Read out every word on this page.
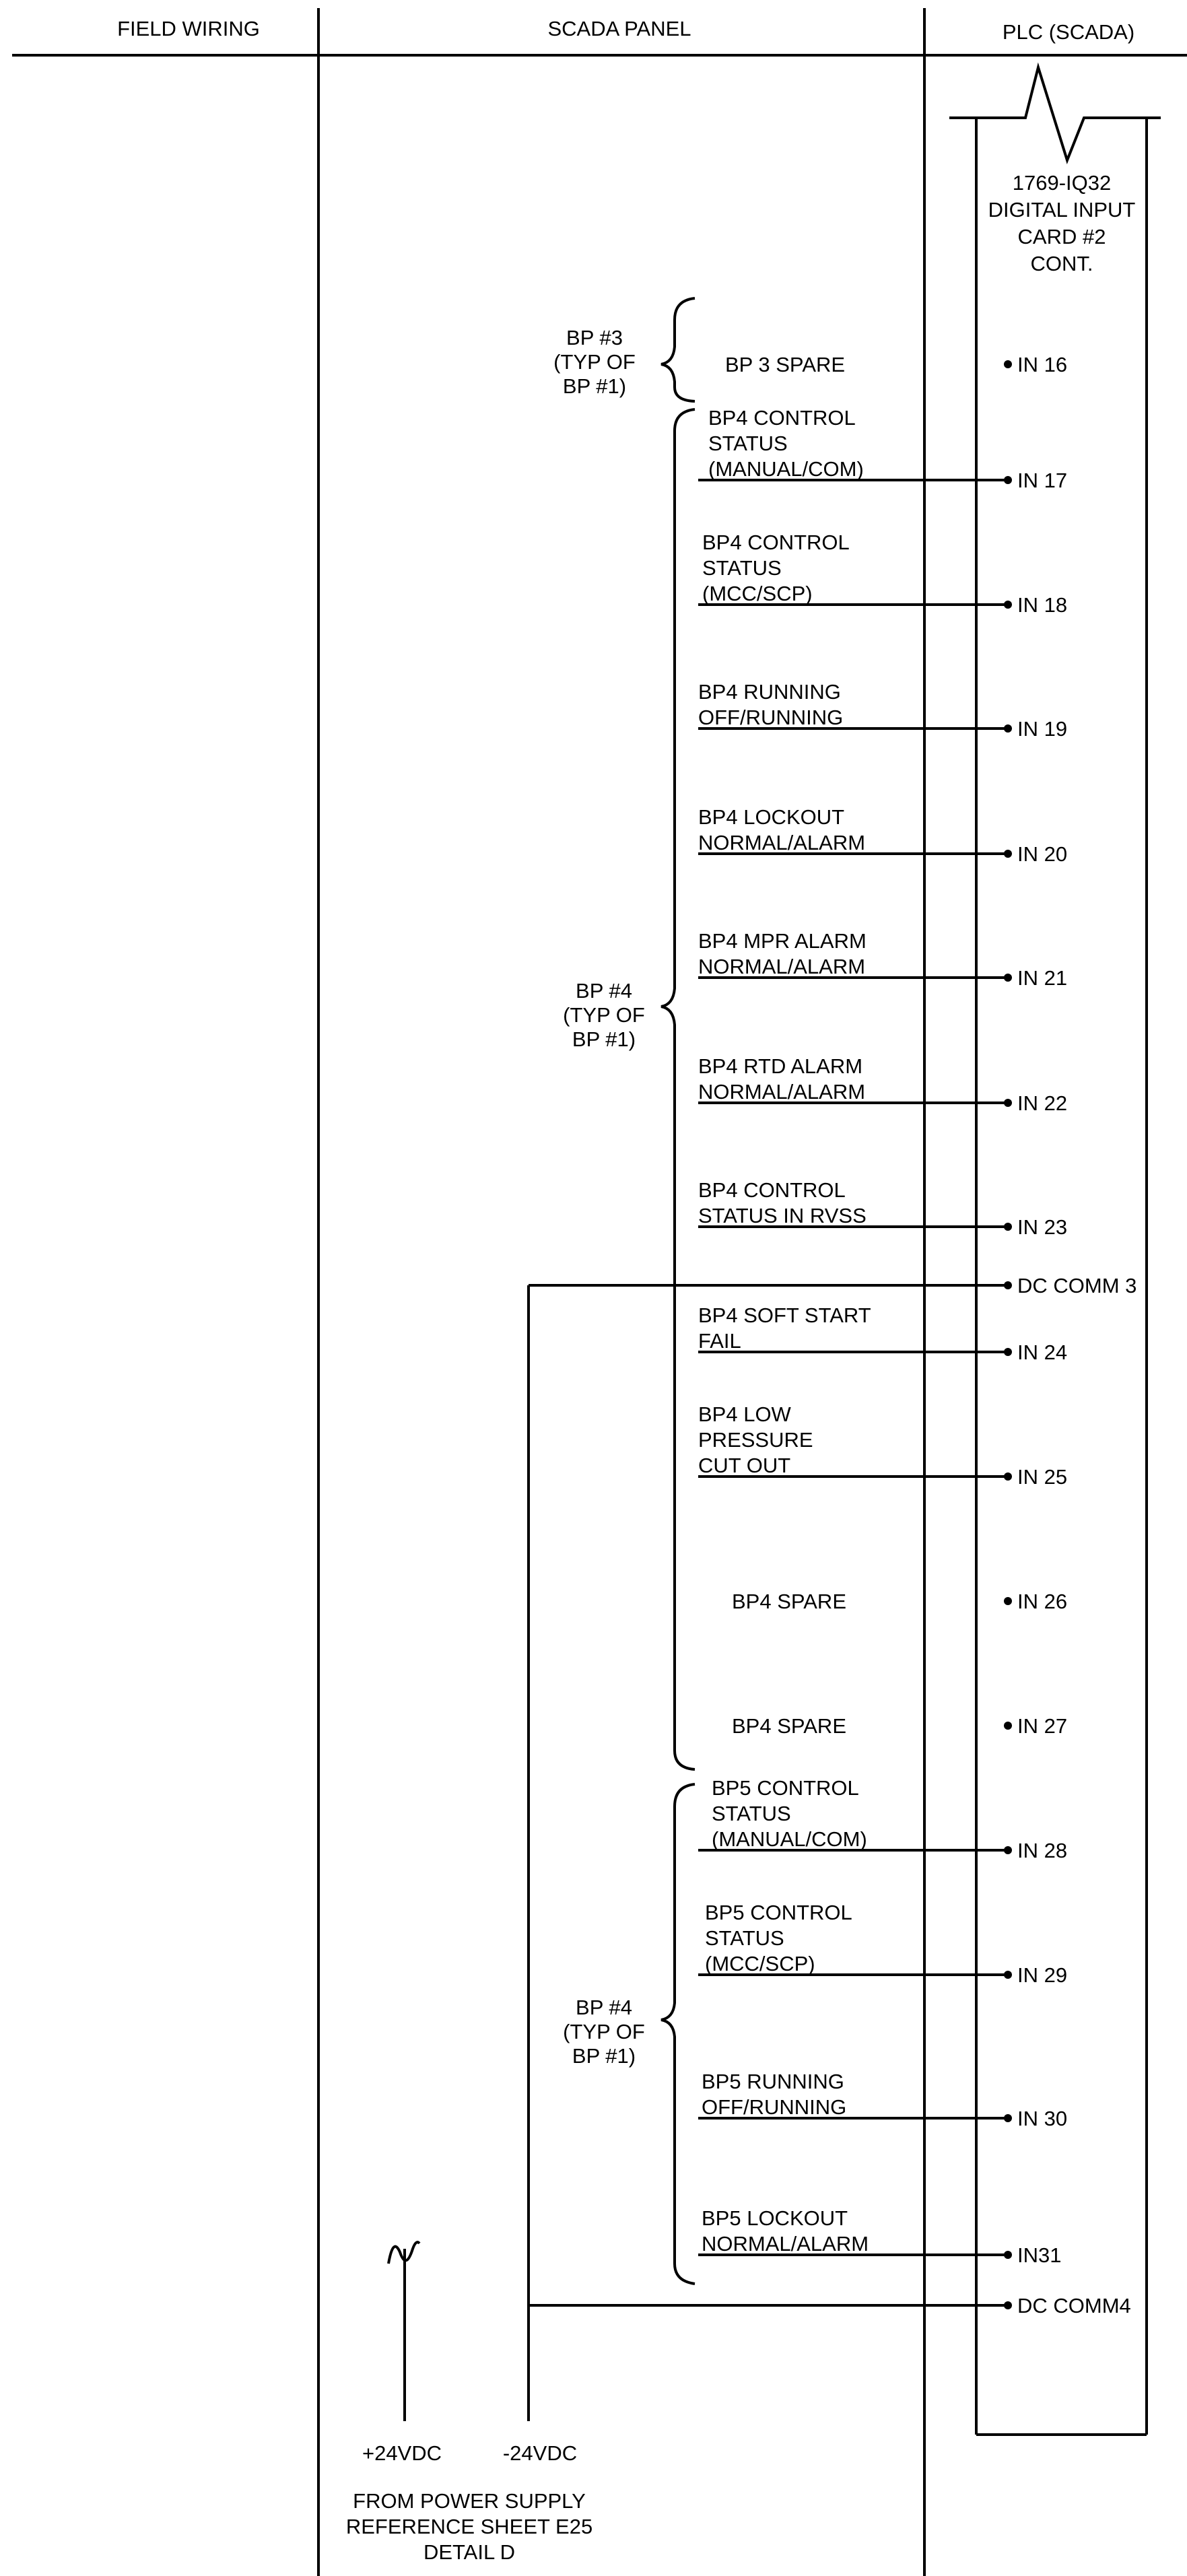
FIELD WIRING	SCADA PANEL	PLC (SCADA)
1769-IQ32
DIGITAL INPUT
CARD #2
CONT.
BP #3
(TYP OF
BP #1)
BP #4
(TYP OF
BP #1)
BP #4
(TYP OF
BP #1)
IN 16
BP 3 SPARE
IN 17
BP4 CONTROL
STATUS
(MANUAL/COM)
IN 18
BP4 CONTROL
STATUS
(MCC/SCP)
IN 19
BP4 RUNNING
OFF/RUNNING
IN 20
BP4 LOCKOUT
NORMAL/ALARM
IN 21
BP4 MPR ALARM
NORMAL/ALARM
IN 22
BP4 RTD ALARM
NORMAL/ALARM
IN 23
BP4 CONTROL
STATUS IN RVSS
DC COMM 3
IN 24
BP4 SOFT START
FAIL
IN 25
BP4 LOW
PRESSURE
CUT OUT
IN 26
BP4 SPARE
IN 27
BP4 SPARE
IN 28
BP5 CONTROL
STATUS
(MANUAL/COM)
IN 29
BP5 CONTROL
STATUS
(MCC/SCP)
IN 30
BP5 RUNNING
OFF/RUNNING
IN31
BP5 LOCKOUT
NORMAL/ALARM
DC COMM4
+24VDC	-24VDC
FROM POWER SUPPLY
REFERENCE SHEET E25
DETAIL D
